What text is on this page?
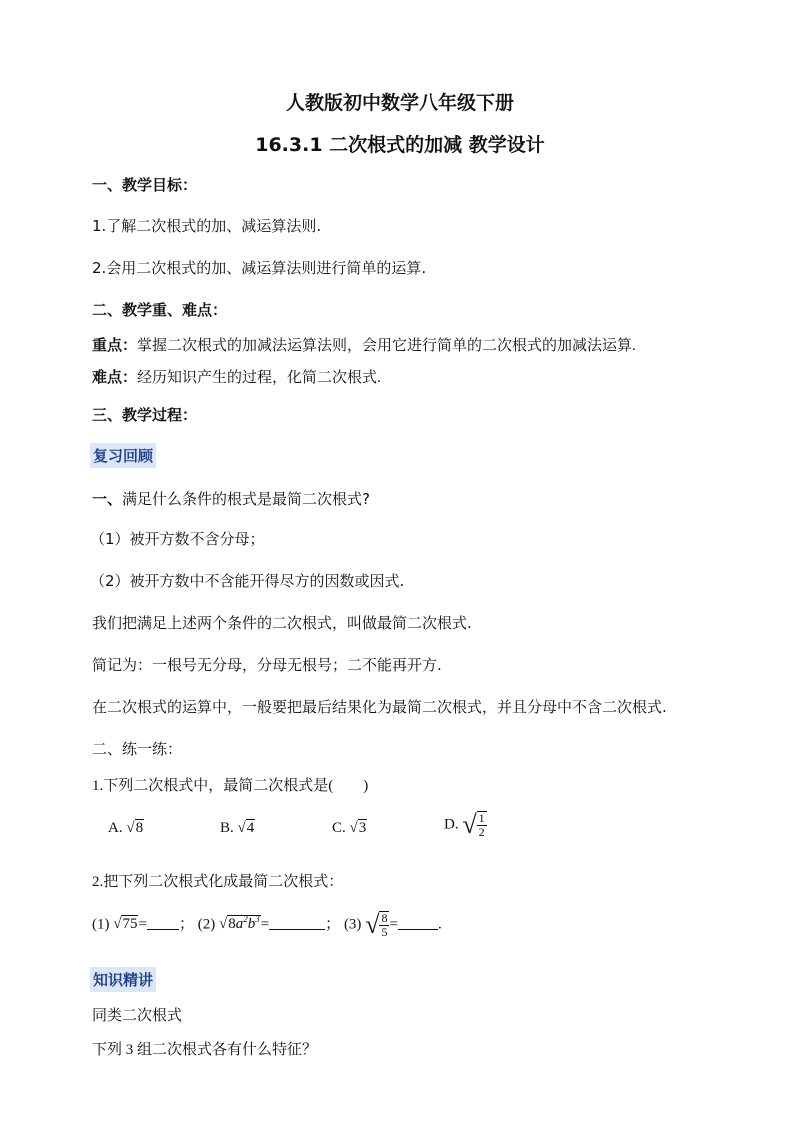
人教版初中数学八年级下册
16.3.1 二次根式的加减 教学设计
一、教学目标：
1.了解二次根式的加、减运算法则.
2.会用二次根式的加、减运算法则进行简单的运算.
二、教学重、难点：
重点：掌握二次根式的加减法运算法则，会用它进行简单的二次根式的加减法运算.
难点：经历知识产生的过程，化简二次根式.
三、教学过程：
复习回顾
一、满足什么条件的根式是最简二次根式?
（1）被开方数不含分母；
（2）被开方数中不含能开得尽方的因数或因式.
我们把满足上述两个条件的二次根式，叫做最简二次根式.
简记为：一根号无分母，分母无根号；二不能再开方.
在二次根式的运算中，一般要把最后结果化为最简二次根式，并且分母中不含二次根式.
二、练一练：
1.下列二次根式中，最简二次根式是(　　)
A. √8	B. √4	C. √3	D. √ $\frac{1}{2}$
2.把下列二次根式化成最简二次根式：
(1) √75= ； (2) $√8a^2b^3=$	； (3) √ $\frac{8}{5}$ =	.
知识精讲
同类二次根式
下列 3 组二次根式各有什么特征？
